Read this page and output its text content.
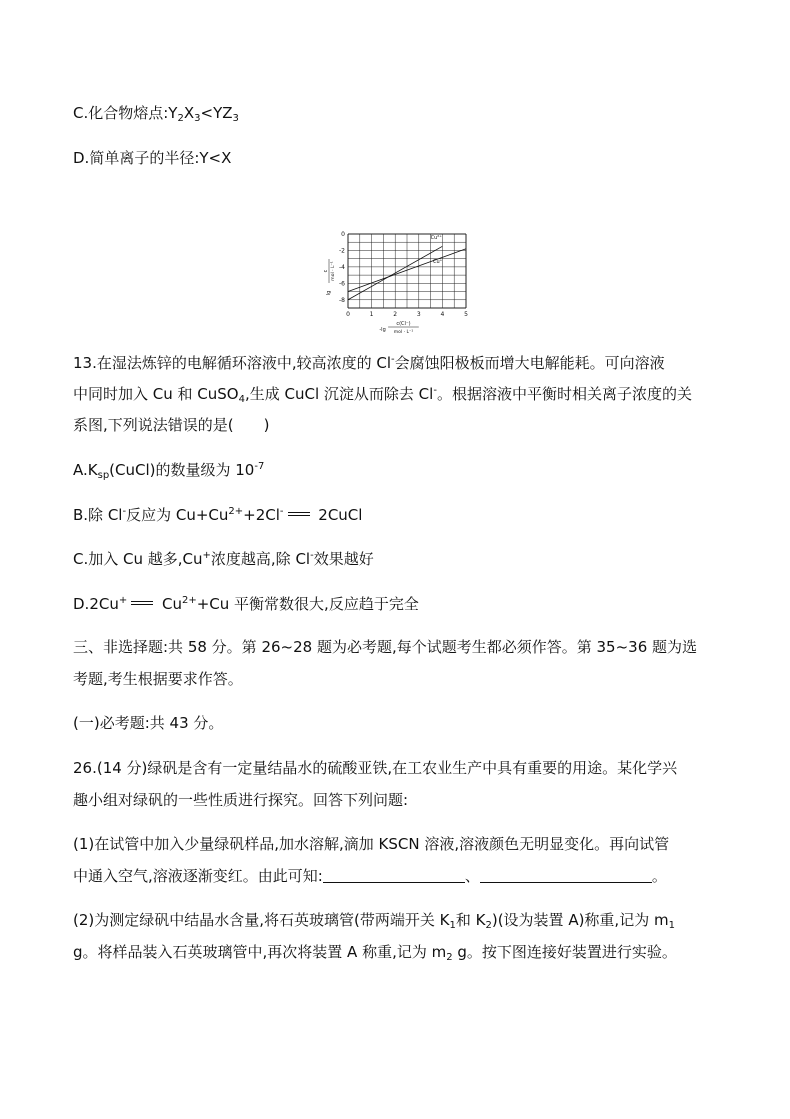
C.化合物熔点$:Y_2X_3<YZ_3$
D.简单离子的半径:Y<X
Cu²⁺
Cu⁺
0	1	2	3	4	5
0
-2
-4
-6
-8
-lg
c(Cl⁻)
mol · L⁻¹
lg
c mol · L⁻¹
13.在湿法炼锌的电解循环溶液中,较高浓度的 Cl-会腐蚀阳极板而增大电解能耗。可向溶液
中同时加入 Cu 和 CuSO$_4$,生成 CuCl 沉淀从而除去 Cl-。根据溶液中平衡时相关离子浓度的关
系图,下列说法错误的是(　　)
$A.K_{sp}(CuCl)$的数量级为 $10^{-7}$
B.除 Cl-反应为 $Cu+Cu^{2+}+2Cl^-$ 2CuCl
C.加入 Cu 越多,Cu+浓度越高,除 Cl-效果越好
D.2Cu+ $Cu^{2+}+Cu$ 平衡常数很大,反应趋于完全
三、非选择题:共 58 分。第 26~28 题为必考题,每个试题考生都必须作答。第 35~36 题为选
考题,考生根据要求作答。
(一)必考题:共 43 分。
26.(14 分)绿矾是含有一定量结晶水的硫酸亚铁,在工农业生产中具有重要的用途。某化学兴
趣小组对绿矾的一些性质进行探究。回答下列问题:
(1)在试管中加入少量绿矾样品,加水溶解,滴加 KSCN 溶液,溶液颜色无明显变化。再向试管
中通入空气,溶液逐渐变红。由此可知:	、	。
(2)为测定绿矾中结晶水含量,将石英玻璃管(带两端开关 $K_1$和 $K_2$)(设为装置 A)称重,记为 $m_1$
g。将样品装入石英玻璃管中,再次将装置 A 称重,记为 $m_2$ g。按下图连接好装置进行实验。
